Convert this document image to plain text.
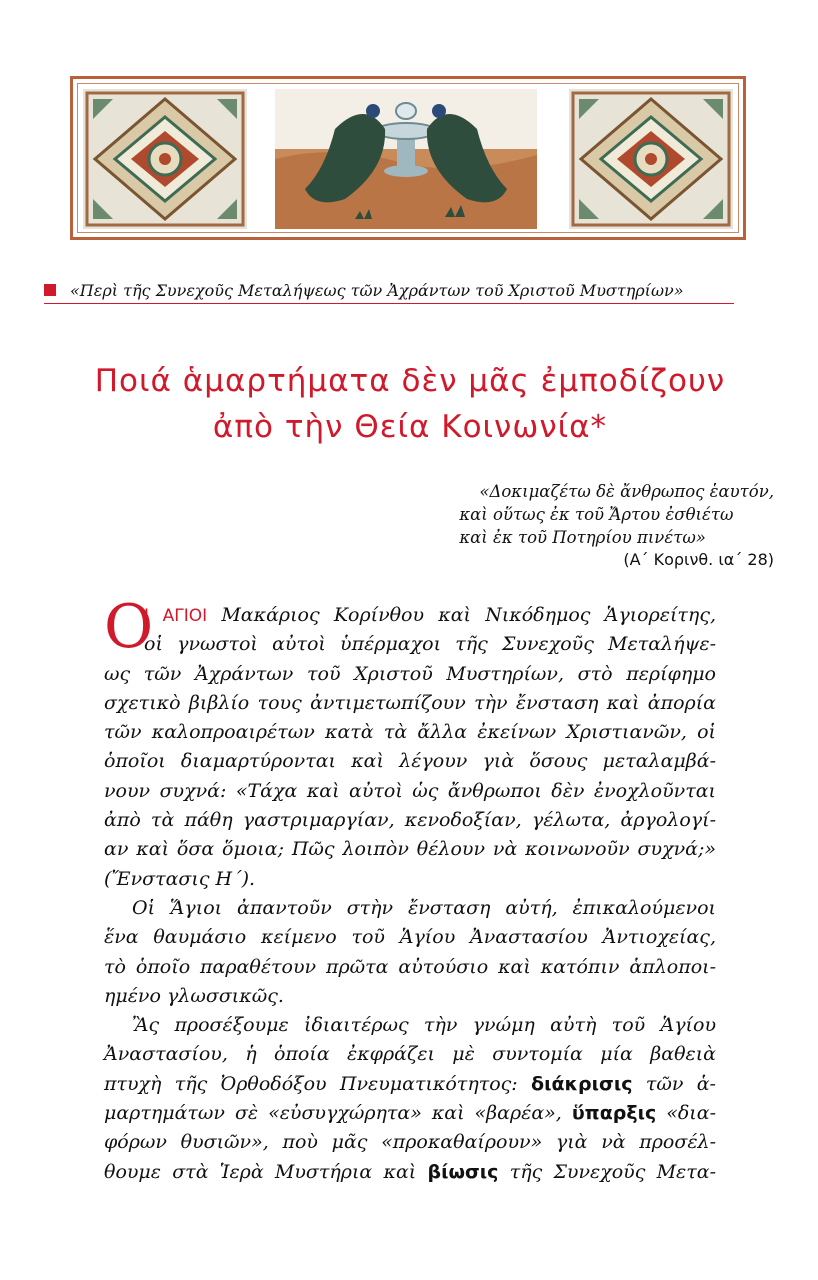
«Περὶ τῆς Συνεχοῦς Μεταλήψεως τῶν Ἀχράντων τοῦ Χριστοῦ Μυστηρίων»
Ποιά ἁμαρτήματα δὲν μᾶς ἐμποδίζουν
ἀπὸ τὴν Θεία Κοινωνία*
«Δοκιμαζέτω δὲ ἄνθρωπος ἑαυτόν,
καὶ οὕτως ἐκ τοῦ Ἄρτου ἐσθιέτω
καὶ ἐκ τοῦ Ποτηρίου πινέτω»
(Α΄ Κορινθ. ια΄ 28)
Ο
Ι ΑΓΙΟΙ Μακάριος Κορίνθου καὶ Νικόδημος Ἁγιορείτης,
οἱ γνωστοὶ αὐτοὶ ὑπέρμαχοι τῆς Συνεχοῦς Μεταλήψε-
ως τῶν Ἀχράντων τοῦ Χριστοῦ Μυστηρίων, στὸ περίφημο
σχετικὸ βιβλίο τους ἀντιμετωπίζουν τὴν ἔνσταση καὶ ἀπορία
τῶν καλοπροαιρέτων κατὰ τὰ ἄλλα ἐκείνων Χριστιανῶν, οἱ
ὁποῖοι διαμαρτύρονται καὶ λέγουν γιὰ ὅσους μεταλαμβά-
νουν συχνά: «Τάχα καὶ αὐτοὶ ὡς ἄνθρωποι δὲν ἐνοχλοῦνται
ἀπὸ τὰ πάθη γαστριμαργίαν, κενοδοξίαν, γέλωτα, ἀργολογί-
αν καὶ ὅσα ὅμοια; Πῶς λοιπὸν θέλουν νὰ κοινωνοῦν συχνά;»
(Ἔνστασις Η΄).
Οἱ Ἅγιοι ἀπαντοῦν στὴν ἔνσταση αὐτή, ἐπικαλούμενοι
ἕνα θαυμάσιο κείμενο τοῦ Ἁγίου Ἀναστασίου Ἀντιοχείας,
τὸ ὁποῖο παραθέτουν πρῶτα αὐτούσιο καὶ κατόπιν ἁπλοποι-
ημένο γλωσσικῶς.
Ἂς προσέξουμε ἰδιαιτέρως τὴν γνώμη αὐτὴ τοῦ Ἁγίου
Ἀναστασίου, ἡ ὁποία ἐκφράζει μὲ συντομία μία βαθειὰ
πτυχὴ τῆς Ὀρθοδόξου Πνευματικότητος: διάκρισις τῶν ἁ-
μαρτημάτων σὲ «εὐσυγχώρητα» καὶ «βαρέα», ὕπαρξις «δια-
φόρων θυσιῶν», ποὺ μᾶς «προκαθαίρουν» γιὰ νὰ προσέλ-
θουμε στὰ Ἱερὰ Μυστήρια καὶ βίωσις τῆς Συνεχοῦς Μετα-
